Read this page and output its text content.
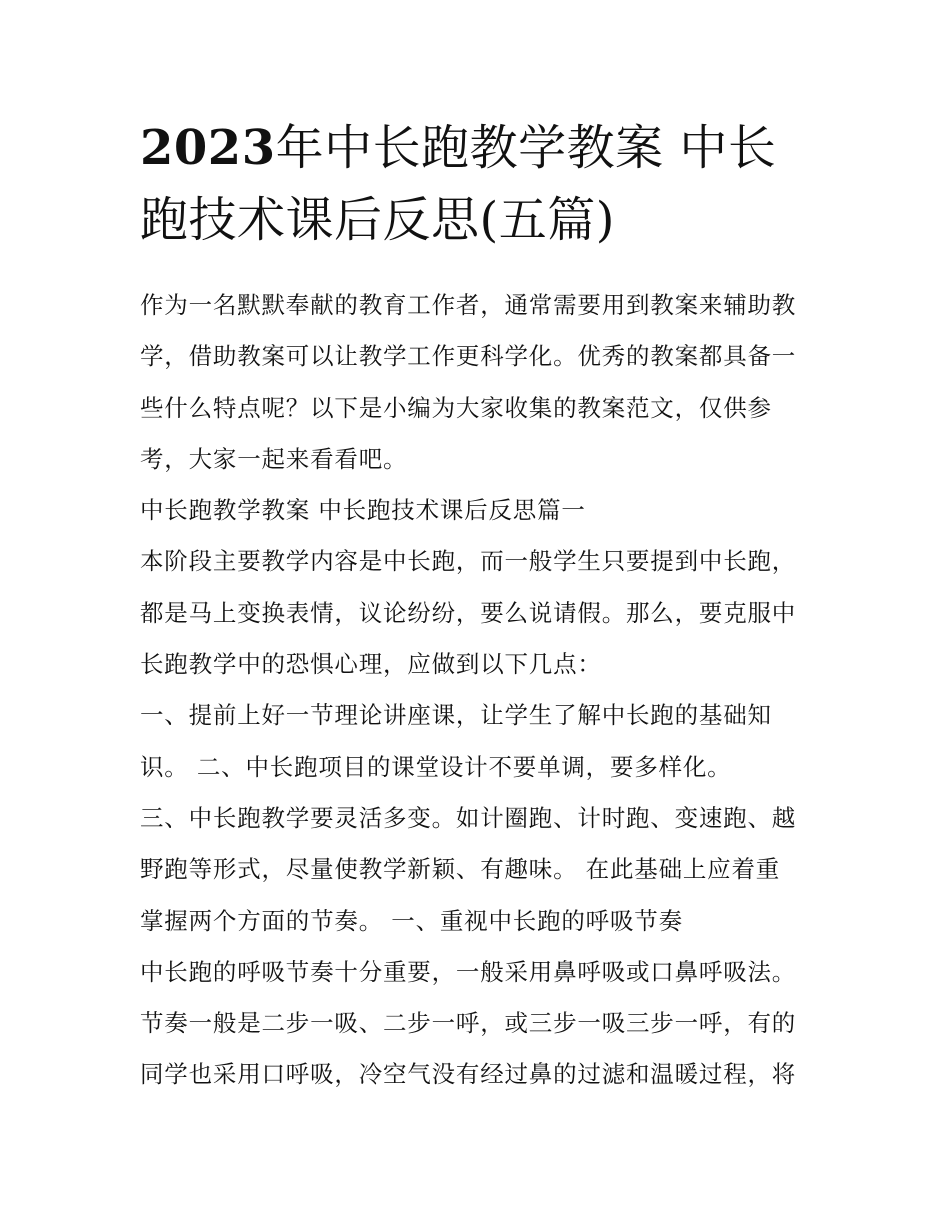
2023年中长跑教学教案 中长
跑技术课后反思(五篇)
作为一名默默奉献的教育工作者，通常需要用到教案来辅助教
学，借助教案可以让教学工作更科学化。优秀的教案都具备一
些什么特点呢？以下是小编为大家收集的教案范文，仅供参
考，大家一起来看看吧。
中长跑教学教案 中长跑技术课后反思篇一
本阶段主要教学内容是中长跑，而一般学生只要提到中长跑，
都是马上变换表情，议论纷纷，要么说请假。那么，要克服中
长跑教学中的恐惧心理，应做到以下几点：
一、提前上好一节理论讲座课，让学生了解中长跑的基础知
识。 二、中长跑项目的课堂设计不要单调，要多样化。
三、中长跑教学要灵活多变。如计圈跑、计时跑、变速跑、越
野跑等形式，尽量使教学新颖、有趣味。 在此基础上应着重
掌握两个方面的节奏。 一、重视中长跑的呼吸节奏
中长跑的呼吸节奏十分重要，一般采用鼻呼吸或口鼻呼吸法。
节奏一般是二步一吸、二步一呼，或三步一吸三步一呼，有的
同学也采用口呼吸，冷空气没有经过鼻的过滤和温暖过程，将
